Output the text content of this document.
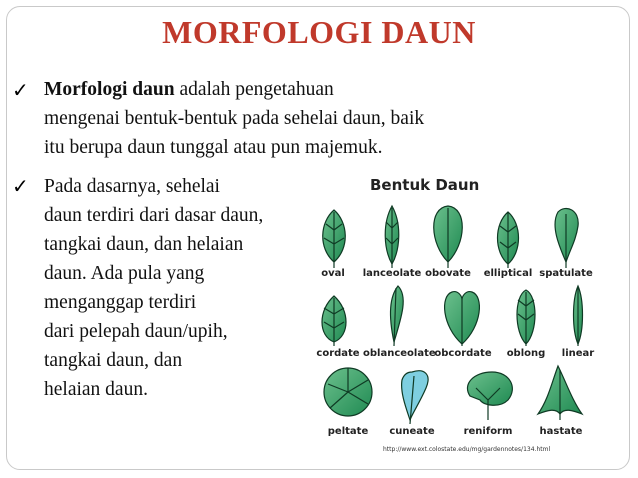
MORFOLOGI DAUN
✓ Morfologi daun adalah pengetahuan
mengenai bentuk-bentuk pada sehelai daun, baik
itu berupa daun tunggal atau pun majemuk.
✓ Pada dasarnya, sehelai
daun terdiri dari dasar daun,
tangkai daun, dan helaian
daun. Ada pula yang
menganggap terdiri
dari pelepah daun/upih,
tangkai daun, dan
helaian daun.
Bentuk Daun
oval	lanceolate obovate	elliptical spatulate
cordate oblanceolate
obcordate	oblong	linear
peltate	cuneate	reniform	hastate
http://www.ext.colostate.edu/mg/gardennotes/134.html
